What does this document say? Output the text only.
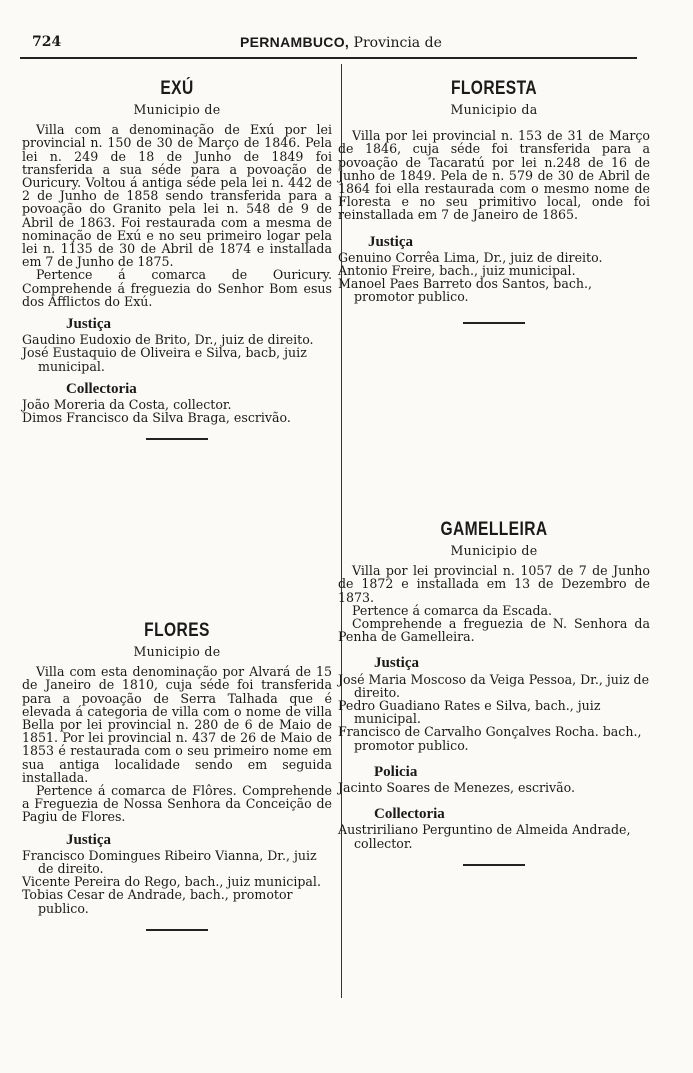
724	PERNAMBUCO, Provincia de
EXÚ
Municipio de

Villa com a denominação de Exú por lei provincial n. 150 de 30 de Março de 1846. Pela lei n. 249 de 18 de Junho de 1849 foi transferida a sua séde para a povoação de Ouricury. Voltou á antiga séde pela lei n. 442 de 2 de Junho de 1858 sendo transferida para a povoação do Granito pela lei n. 548 de 9 de Abril de 1863. Foi restaurada com a mesma de nominação de Exú e no seu primeiro logar pela lei n. 1135 de 30 de Abril de 1874 e installada em 7 de Junho de 1875.

Pertence á comarca de Ouricury. Comprehende á freguezia do Senhor Bom esus dos Afflictos do Exú.

Justiça

Gaudino Eudoxio de Brito, Dr., juiz de direito.

José Eustaquio de Oliveira e Silva, bacb, juiz municipal.

Collectoria

João Moreria da Costa, collector.

Dimos Francisco da Silva Braga, escrivão.

FLORES
Municipio de

Villa com esta denominação por Alvará de 15 de Janeiro de 1810, cuja séde foi transferida para a povoação de Serra Talhada que é elevada á categoria de villa com o nome de villa Bella por lei provincial n. 280 de 6 de Maio de 1851. Por lei provincial n. 437 de 26 de Maio de 1853 é restaurada com o seu primeiro nome em sua antiga localidade sendo em seguida installada.

Pertence á comarca de Flôres. Comprehende a Freguezia de Nossa Senhora da Conceição de Pagiu de Flores.

Justiça

Francisco Domingues Ribeiro Vianna, Dr., juiz de direito.

Vicente Pereira do Rego, bach., juiz municipal.

Tobias Cesar de Andrade, bach., promotor publico.

FLORESTA
Municipio da

Villa por lei provincial n. 153 de 31 de Março de 1846, cuja séde foi transferida para a povoação de Tacaratú por lei n.248 de 16 de Junho de 1849. Pela de n. 579 de 30 de Abril de 1864 foi ella restaurada com o mesmo nome de Floresta e no seu primitivo local, onde foi reinstallada em 7 de Janeiro de 1865.

Justiça

Genuino Corrêa Lima, Dr., juiz de direito.

Antonio Freire, bach., juiz municipal.

Manoel Paes Barreto dos Santos, bach., promotor publico.

GAMELLEIRA
Municipio de

Villa por lei provincial n. 1057 de 7 de Junho de 1872 e installada em 13 de Dezembro de 1873.

Pertence á comarca da Escada.

Comprehende a freguezia de N. Senhora da Penha de Gamelleira.

Justiça

José Maria Moscoso da Veiga Pessoa, Dr., juiz de direito.

Pedro Guadiano Rates e Silva, bach., juiz municipal.

Francisco de Carvalho Gonçalves Rocha. bach., promotor publico.

Policia

Jacinto Soares de Menezes, escrivão.

Collectoria

Austririliano Perguntino de Almeida Andrade, collector.
